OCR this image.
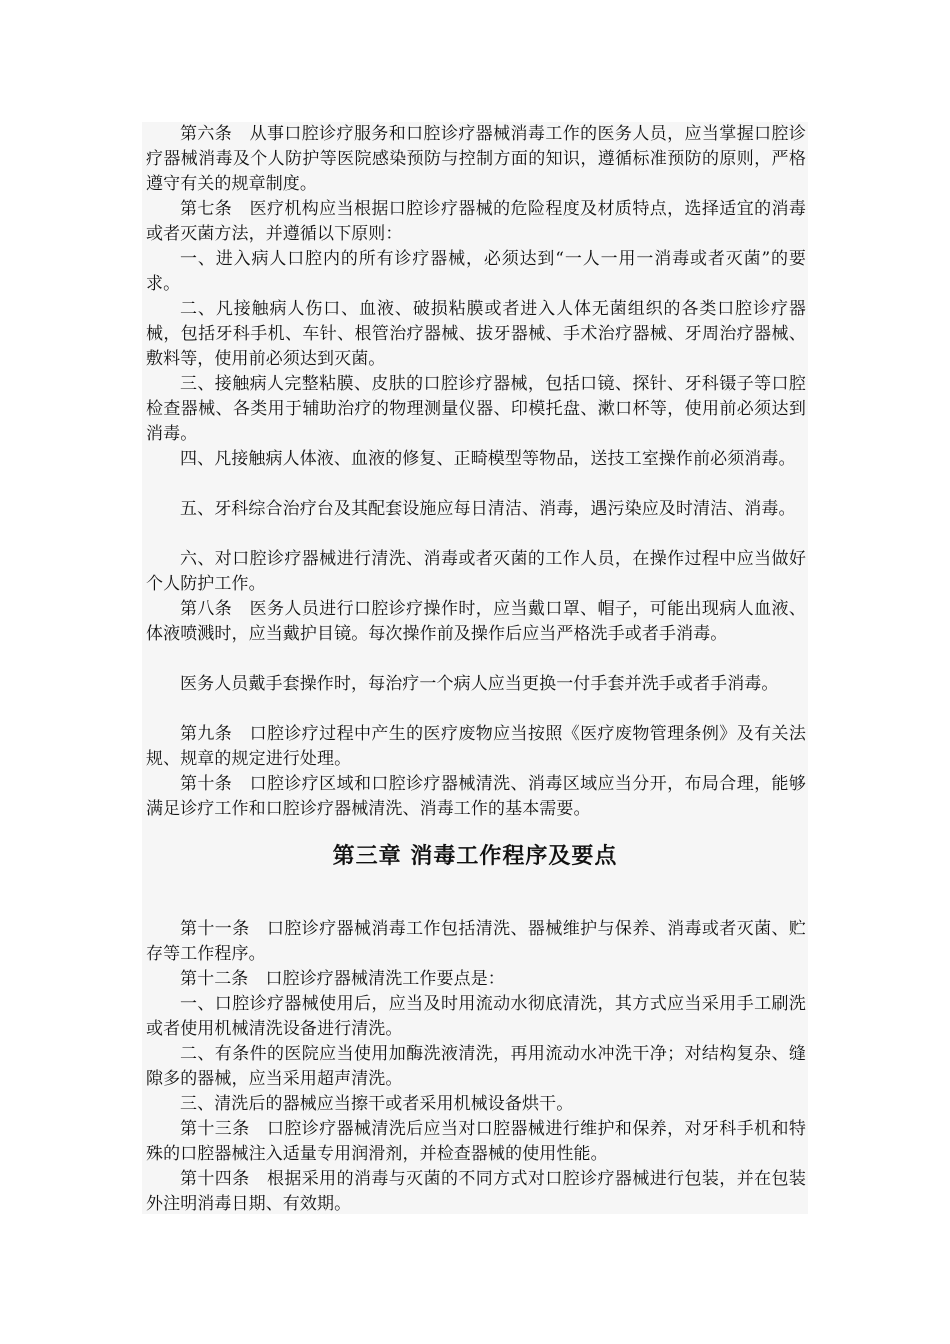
第六条　从事口腔诊疗服务和口腔诊疗器械消毒工作的医务人员，应当掌握口腔诊疗器械消毒及个人防护等医院感染预防与控制方面的知识，遵循标准预防的原则，严格遵守有关的规章制度。

第七条　医疗机构应当根据口腔诊疗器械的危险程度及材质特点，选择适宜的消毒或者灭菌方法，并遵循以下原则：

一、进入病人口腔内的所有诊疗器械，必须达到“一人一用一消毒或者灭菌”的要求。

二、凡接触病人伤口、血液、破损粘膜或者进入人体无菌组织的各类口腔诊疗器械，包括牙科手机、车针、根管治疗器械、拔牙器械、手术治疗器械、牙周治疗器械、敷料等，使用前必须达到灭菌。

三、接触病人完整粘膜、皮肤的口腔诊疗器械，包括口镜、探针、牙科镊子等口腔检查器械、各类用于辅助治疗的物理测量仪器、印模托盘、漱口杯等，使用前必须达到消毒。

四、凡接触病人体液、血液的修复、正畸模型等物品，送技工室操作前必须消毒。

五、牙科综合治疗台及其配套设施应每日清洁、消毒，遇污染应及时清洁、消毒。

六、对口腔诊疗器械进行清洗、消毒或者灭菌的工作人员，在操作过程中应当做好个人防护工作。

第八条　医务人员进行口腔诊疗操作时，应当戴口罩、帽子，可能出现病人血液、体液喷溅时，应当戴护目镜。每次操作前及操作后应当严格洗手或者手消毒。

医务人员戴手套操作时，每治疗一个病人应当更换一付手套并洗手或者手消毒。

第九条　口腔诊疗过程中产生的医疗废物应当按照《医疗废物管理条例》及有关法规、规章的规定进行处理。

第十条　口腔诊疗区域和口腔诊疗器械清洗、消毒区域应当分开，布局合理，能够满足诊疗工作和口腔诊疗器械清洗、消毒工作的基本需要。

第三章 消毒工作程序及要点

第十一条　口腔诊疗器械消毒工作包括清洗、器械维护与保养、消毒或者灭菌、贮存等工作程序。

第十二条　口腔诊疗器械清洗工作要点是：

一、口腔诊疗器械使用后，应当及时用流动水彻底清洗，其方式应当采用手工刷洗或者使用机械清洗设备进行清洗。

二、有条件的医院应当使用加酶洗液清洗，再用流动水冲洗干净；对结构复杂、缝隙多的器械，应当采用超声清洗。

三、清洗后的器械应当擦干或者采用机械设备烘干。

第十三条　口腔诊疗器械清洗后应当对口腔器械进行维护和保养，对牙科手机和特殊的口腔器械注入适量专用润滑剂，并检查器械的使用性能。

第十四条　根据采用的消毒与灭菌的不同方式对口腔诊疗器械进行包装，并在包装外注明消毒日期、有效期。
